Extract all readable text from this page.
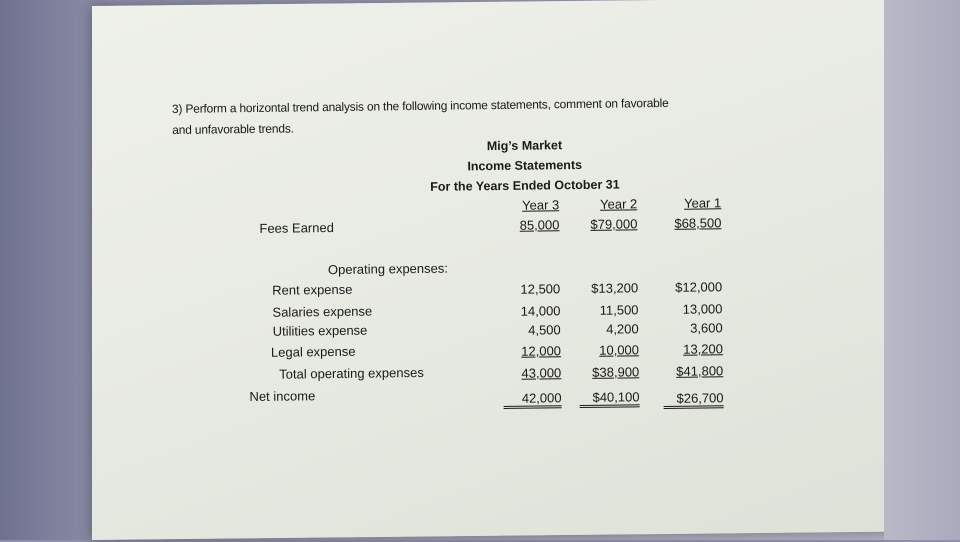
3) Perform a horizontal trend analysis on the following income statements, comment on favorable
and unfavorable trends.
Mig’s Market
Income Statements
For the Years Ended October 31
Year 3	Year 2	Year 1
Fees Earned	85,000	$79,000	$68,500
Operating expenses:
Rent expense	12,500	$13,200	$12,000
Salaries expense	14,000	11,500	13,000
Utilities expense	4,500	4,200	3,600
Legal expense	12,000	10,000	13,200
Total operating expenses	43,000	$38,900	$41,800
Net income	42,000	$40,100	$26,700
